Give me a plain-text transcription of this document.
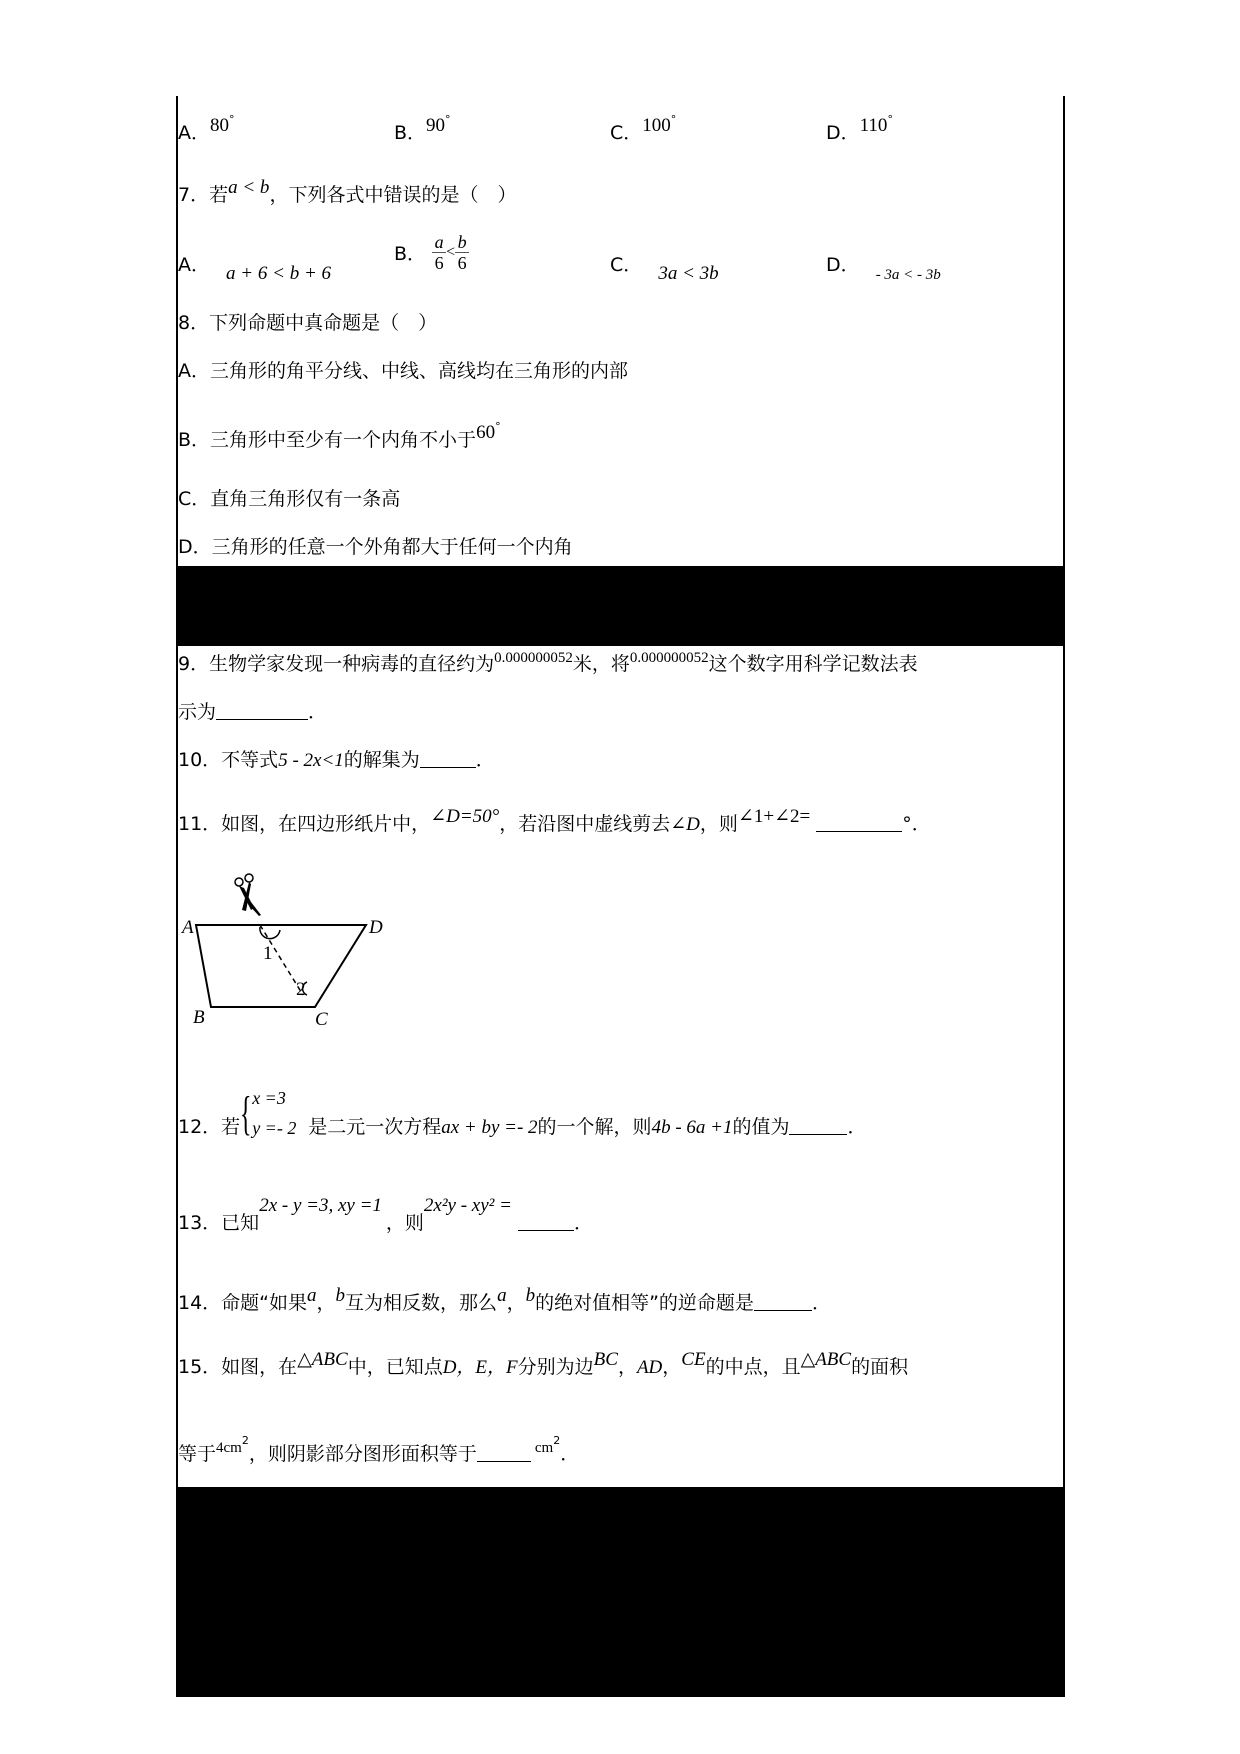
A．80°
B．90°
C．100°
D．110°
7．若a < b，下列各式中错误的是（　）
A． a + 6 < b + 6
B． $\frac{a}{6} < \frac{b}{6}$	C． 3a < 3b	D． $_{- 3a < - 3b}$
8．下列命题中真命题是（　）
A．三角形的角平分线、中线、高线均在三角形的内部
B．三角形中至少有一个内角不小于60°
C．直角三角形仅有一条高
D．三角形的任意一个外角都大于任何一个内角
9．生物学家发现一种病毒的直径约为$^{0.000000052}$米，将$^{0.000000052}$这个数字用科学记数法表
示为	．
10．不等式5 - 2x<1的解集为	．
11．如图，在四边形纸片中，∠D=50°，若沿图中虚线剪去∠D，则∠1+∠2=	°．
A	D
B	C
1
2
12．若 { x =3
y =- 2 是二元一次方程ax + by =- 2的一个解，则4b - 6a +1的值为	．
13．已知2x - y =3, xy =1，则2x²y - xy² =．
14．命题“如果a，b互为相反数，那么a，b的绝对值相等”的逆命题是	．
15．如图，在△ABC中，已知点D，E，F分别为边BC，AD，CE的中点，且△ABC的面积
等于$^{4cm2}$，则阴影部分图形面积等于	$^{cm2}$．
